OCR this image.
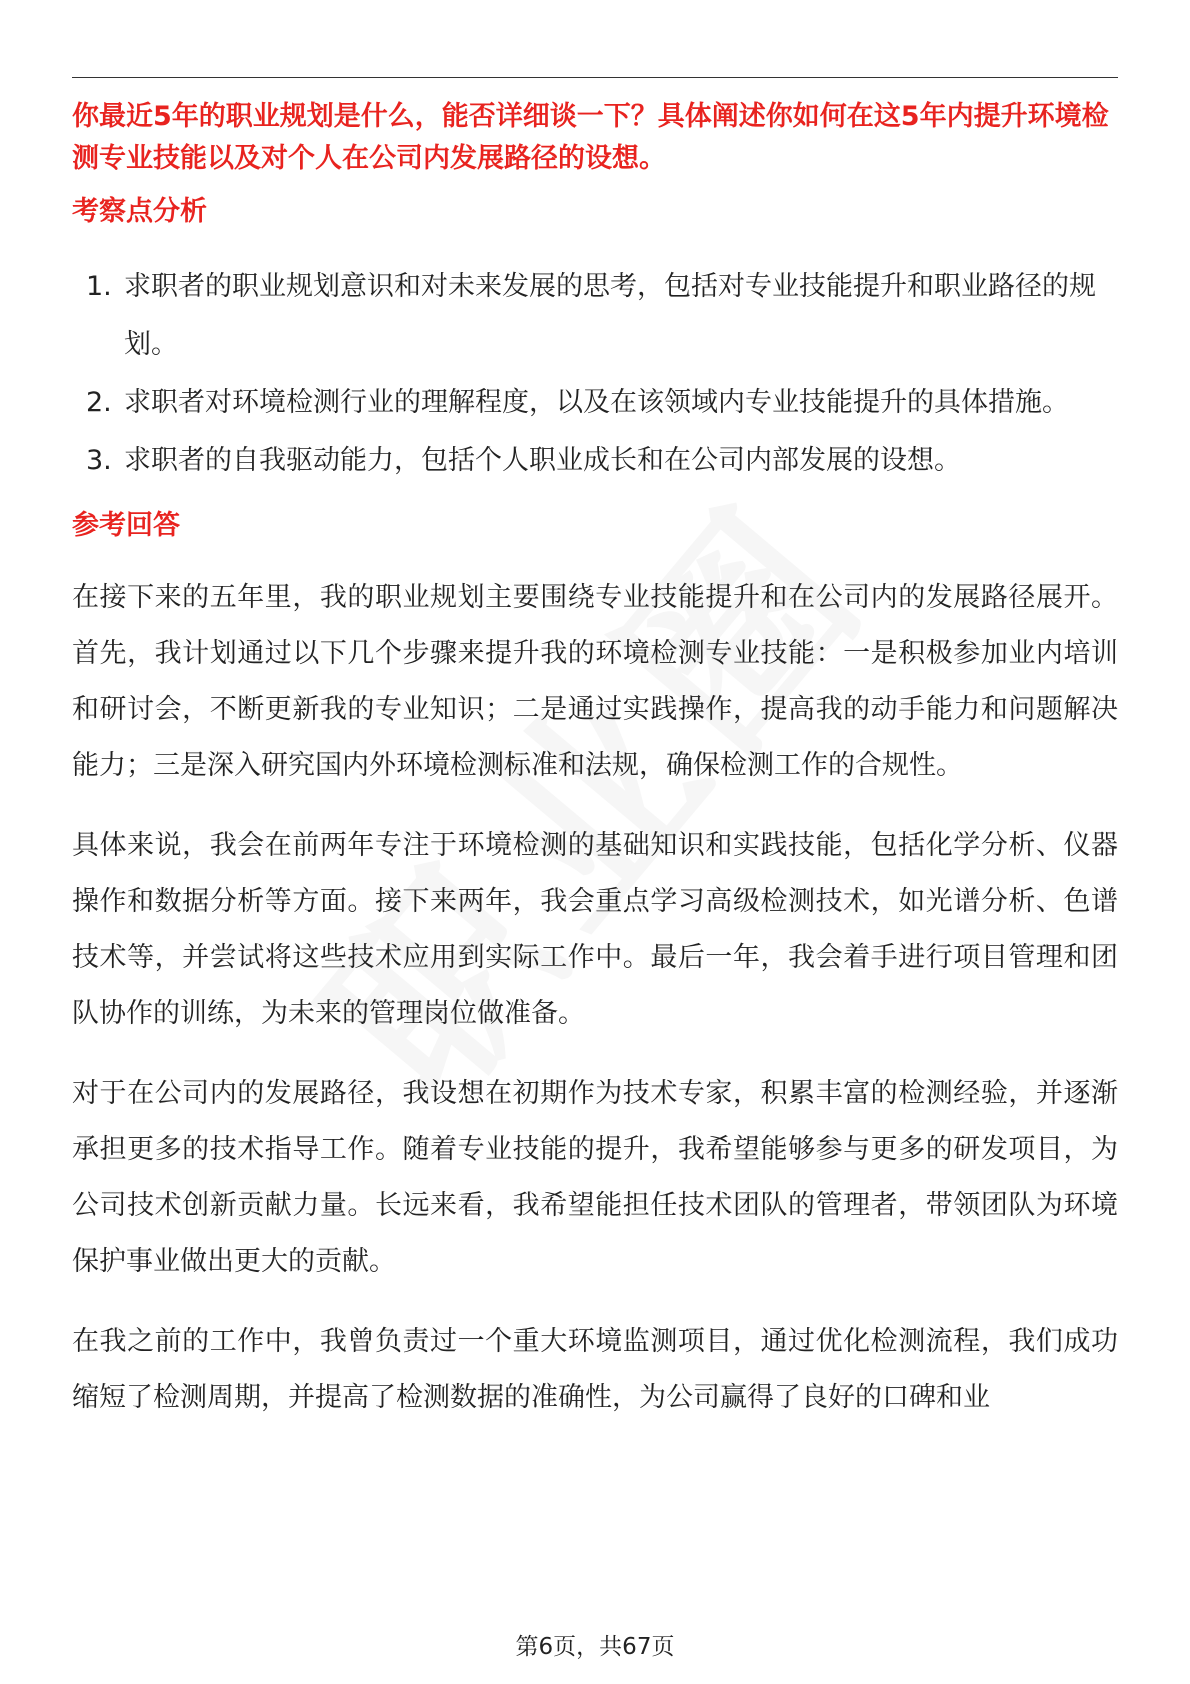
你最近5年的职业规划是什么，能否详细谈一下？具体阐述你如何在这5年内提升环境检测专业技能以及对个人在公司内发展路径的设想。

考察点分析
1. 求职者的职业规划意识和对未来发展的思考，包括对专业技能提升和职业路径的规划。
2. 求职者对环境检测行业的理解程度，以及在该领域内专业技能提升的具体措施。
3. 求职者的自我驱动能力，包括个人职业成长和在公司内部发展的设想。
参考回答

在接下来的五年里，我的职业规划主要围绕专业技能提升和在公司内的发展路径展开。首先，我计划通过以下几个步骤来提升我的环境检测专业技能：一是积极参加业内培训和研讨会，不断更新我的专业知识；二是通过实践操作，提高我的动手能力和问题解决能力；三是深入研究国内外环境检测标准和法规，确保检测工作的合规性。

具体来说，我会在前两年专注于环境检测的基础知识和实践技能，包括化学分析、仪器操作和数据分析等方面。接下来两年，我会重点学习高级检测技术，如光谱分析、色谱技术等，并尝试将这些技术应用到实际工作中。最后一年，我会着手进行项目管理和团队协作的训练，为未来的管理岗位做准备。

对于在公司内的发展路径，我设想在初期作为技术专家，积累丰富的检测经验，并逐渐承担更多的技术指导工作。随着专业技能的提升，我希望能够参与更多的研发项目，为公司技术创新贡献力量。长远来看，我希望能担任技术团队的管理者，带领团队为环境保护事业做出更大的贡献。

在我之前的工作中，我曾负责过一个重大环境监测项目，通过优化检测流程，我们成功缩短了检测周期，并提高了检测数据的准确性，为公司赢得了良好的口碑和业

第6页，共67页
